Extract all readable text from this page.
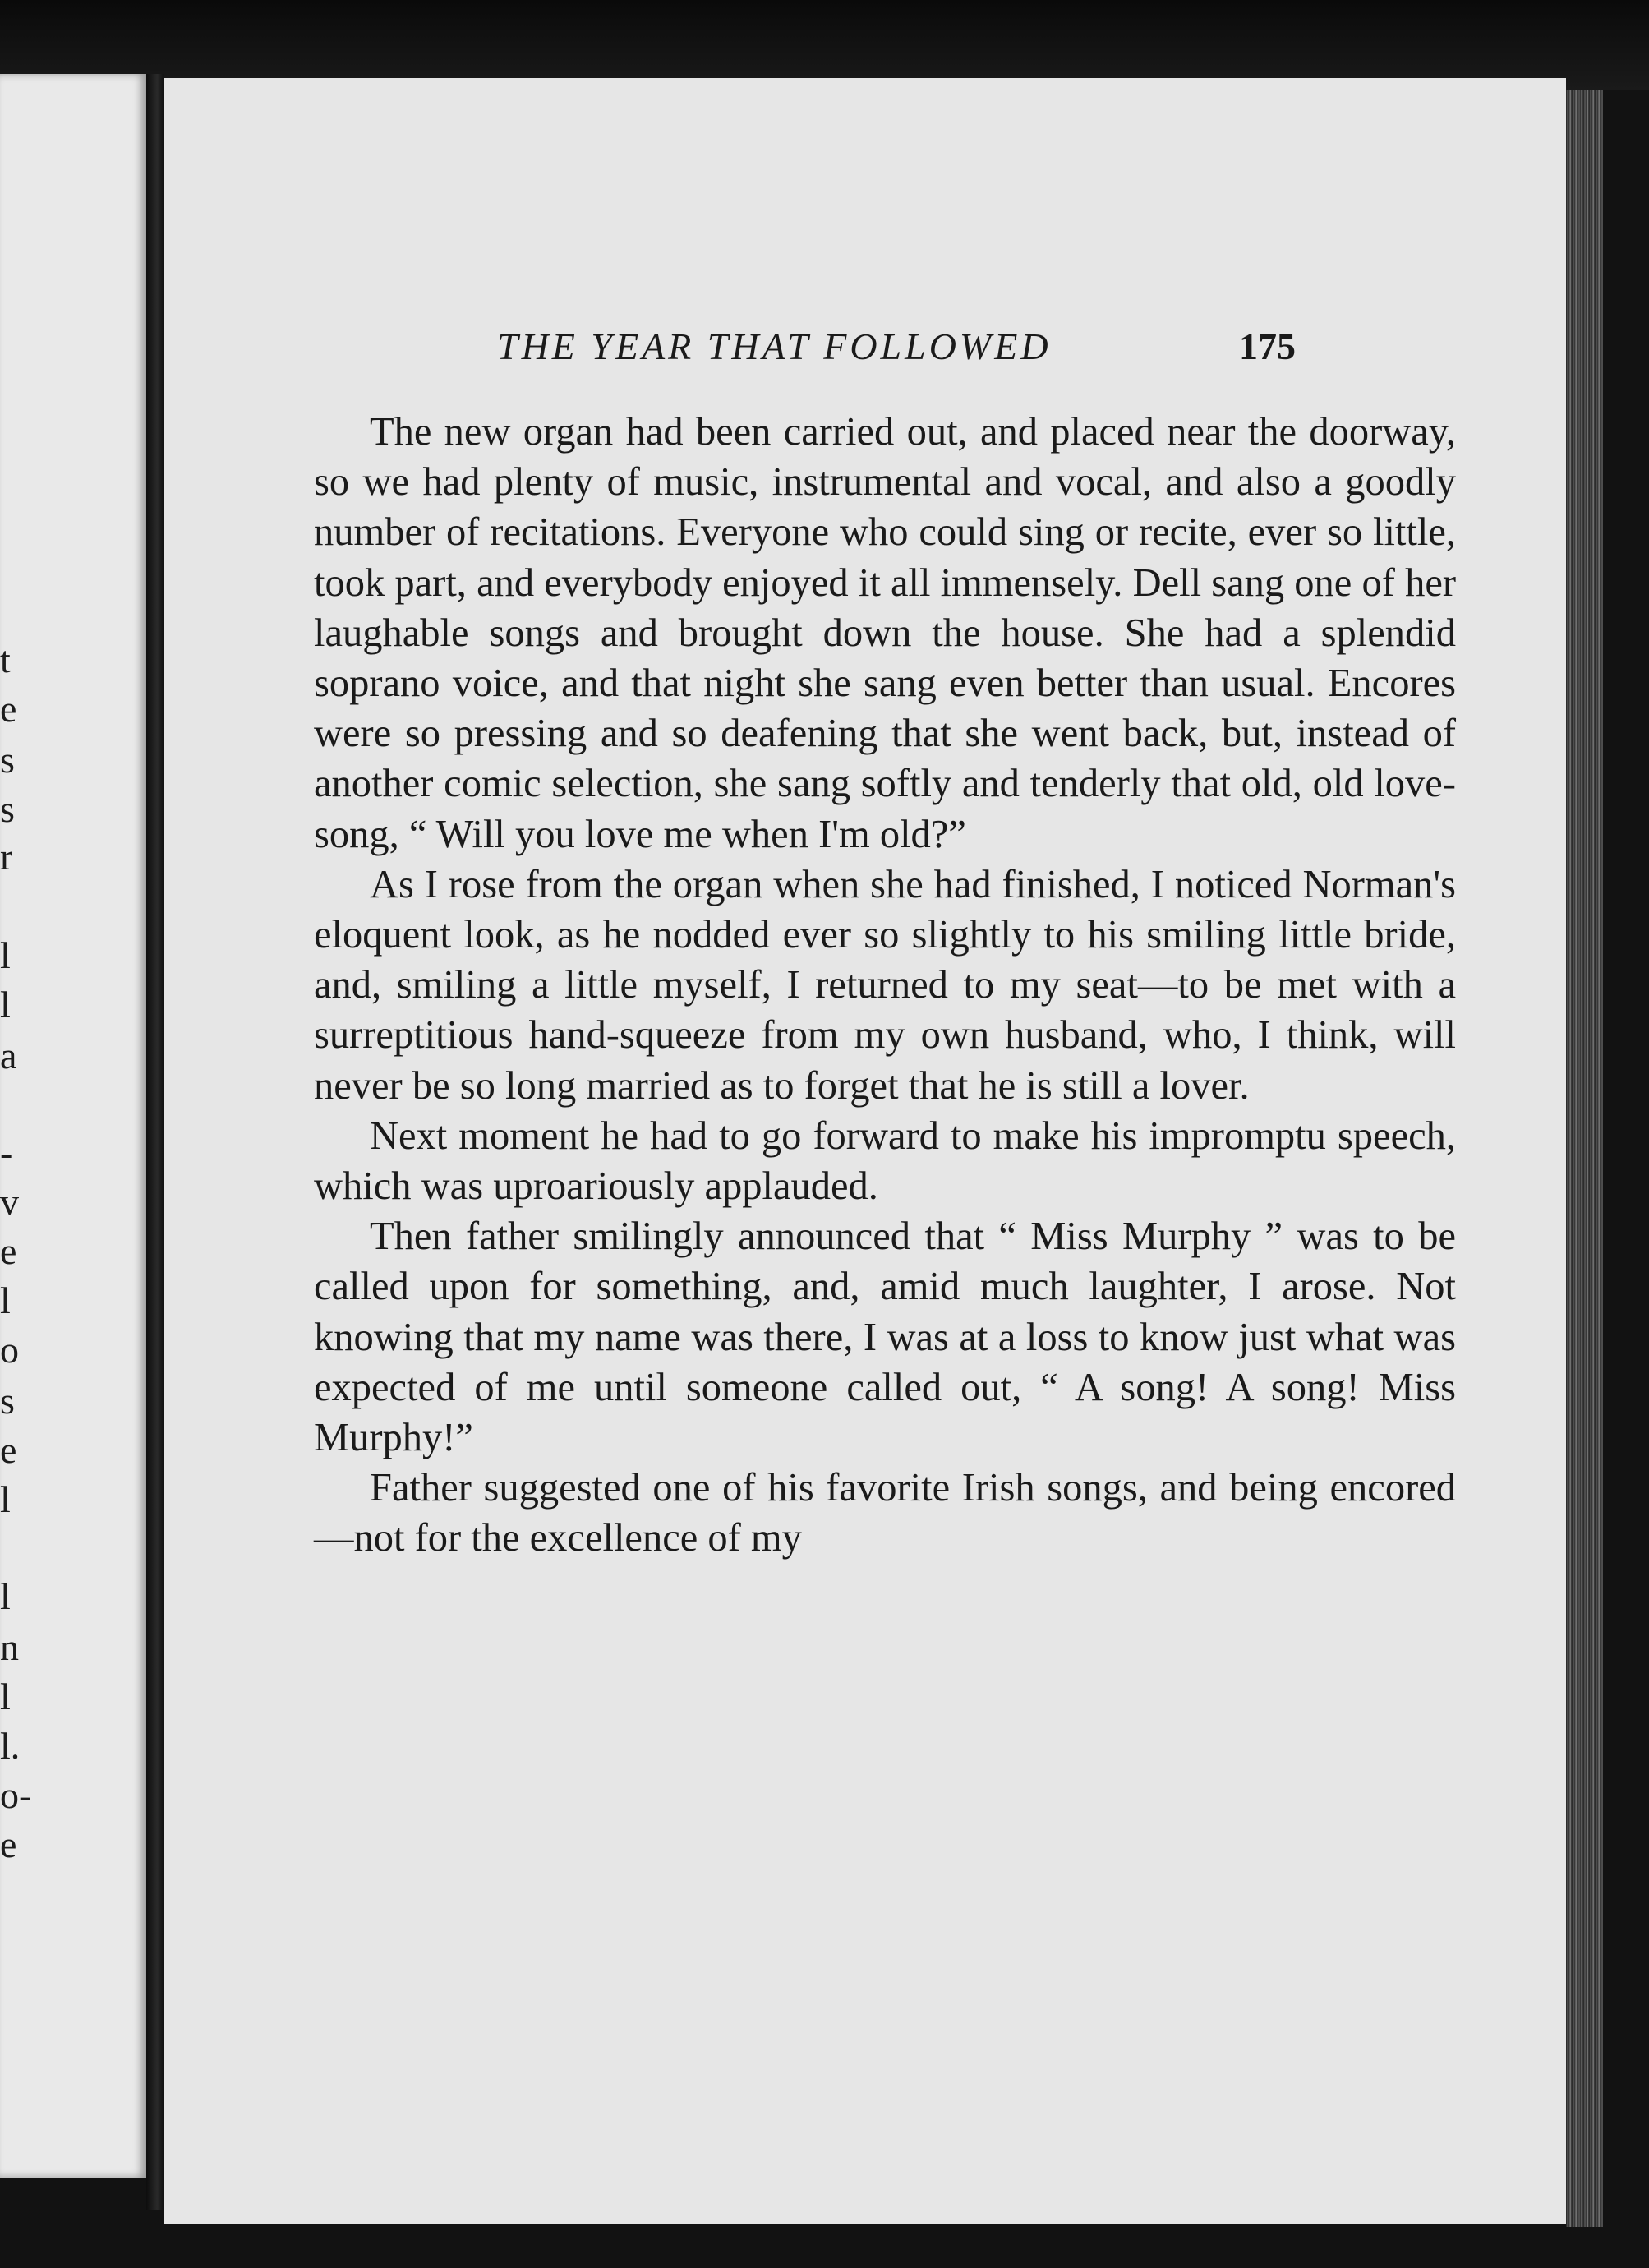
t
e
s
s
r
l
l
a
-
v
e
l
o
s
e
l
l
n
l
l.
o-
e
THE YEAR THAT FOLLOWED	175

The new organ had been carried out, and placed near the doorway, so we had plenty of music, instrumental and vocal, and also a goodly number of recitations. Everyone who could sing or recite, ever so little, took part, and everybody enjoyed it all immensely. Dell sang one of her laughable songs and brought down the house. She had a splendid soprano voice, and that night she sang even better than usual. Encores were so pressing and so deafening that she went back, but, instead of another comic selection, she sang softly and tenderly that old, old love-song, “ Will you love me when I'm old?”

As I rose from the organ when she had finished, I noticed Norman's eloquent look, as he nodded ever so slightly to his smiling little bride, and, smiling a little myself, I returned to my seat—to be met with a surreptitious hand-squeeze from my own husband, who, I think, will never be so long married as to forget that he is still a lover.

Next moment he had to go forward to make his impromptu speech, which was uproariously applauded.

Then father smilingly announced that “ Miss Murphy ” was to be called upon for something, and, amid much laughter, I arose. Not knowing that my name was there, I was at a loss to know just what was expected of me until someone called out, “ A song! A song! Miss Murphy!”

Father suggested one of his favorite Irish songs, and being encored—not for the excellence of my
